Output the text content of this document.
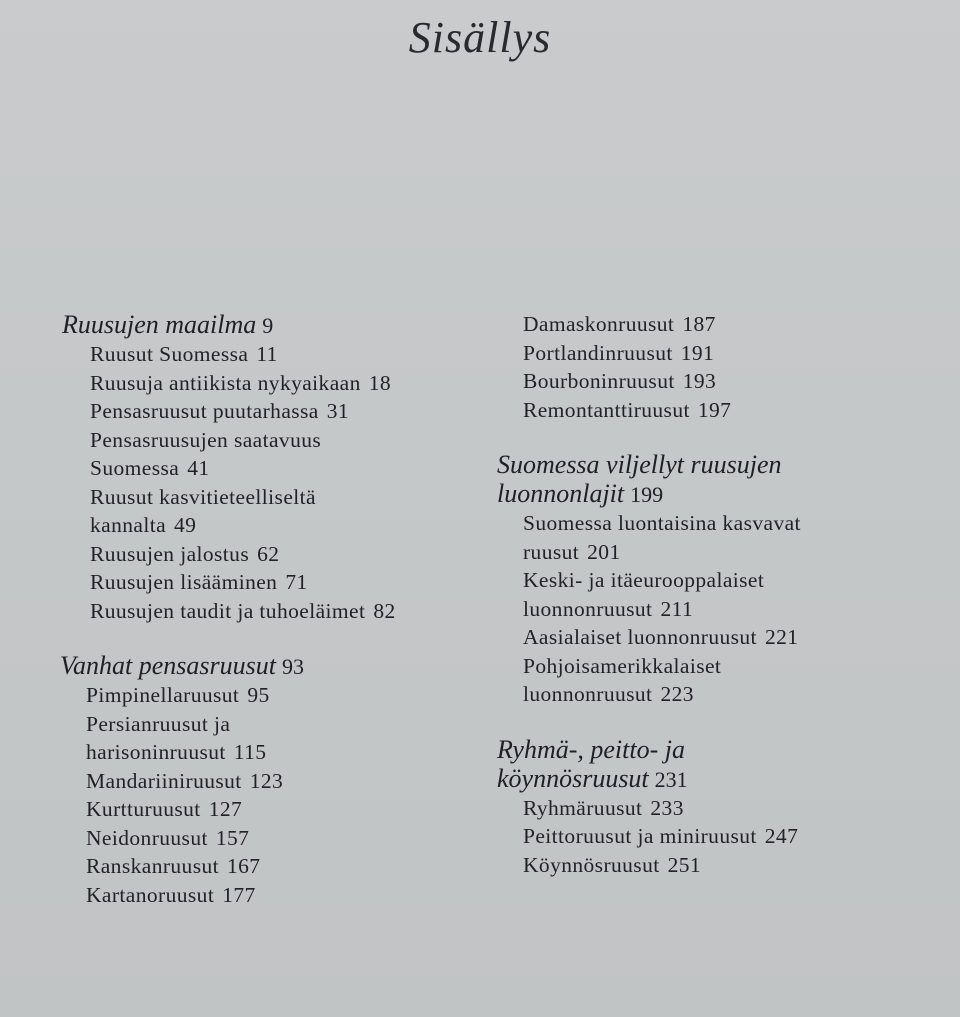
Sisällys
Ruusujen maailma 9
Ruusut Suomessa 11
Ruusuja antiikista nykyaikaan 18
Pensasruusut puutarhassa 31
Pensasruusujen saatavuus
Suomessa 41
Ruusut kasvitieteelliseltä
kannalta 49
Ruusujen jalostus 62
Ruusujen lisääminen 71
Ruusujen taudit ja tuhoeläimet 82
Vanhat pensasruusut 93
Pimpinellaruusut 95
Persianruusut ja
harisoninruusut 115
Mandariiniruusut 123
Kurtturuusut 127
Neidonruusut 157
Ranskanruusut 167
Kartanoruusut 177
Damaskonruusut 187
Portlandinruusut 191
Bourboninruusut 193
Remontanttiruusut 197
Suomessa viljellyt ruusujen
luonnonlajit 199
Suomessa luontaisina kasvavat
ruusut 201
Keski- ja itäeurooppalaiset
luonnonruusut 211
Aasialaiset luonnonruusut 221
Pohjoisamerikkalaiset
luonnonruusut 223
Ryhmä-, peitto- ja
köynnösruusut 231
Ryhmäruusut 233
Peittoruusut ja miniruusut 247
Köynnösruusut 251
